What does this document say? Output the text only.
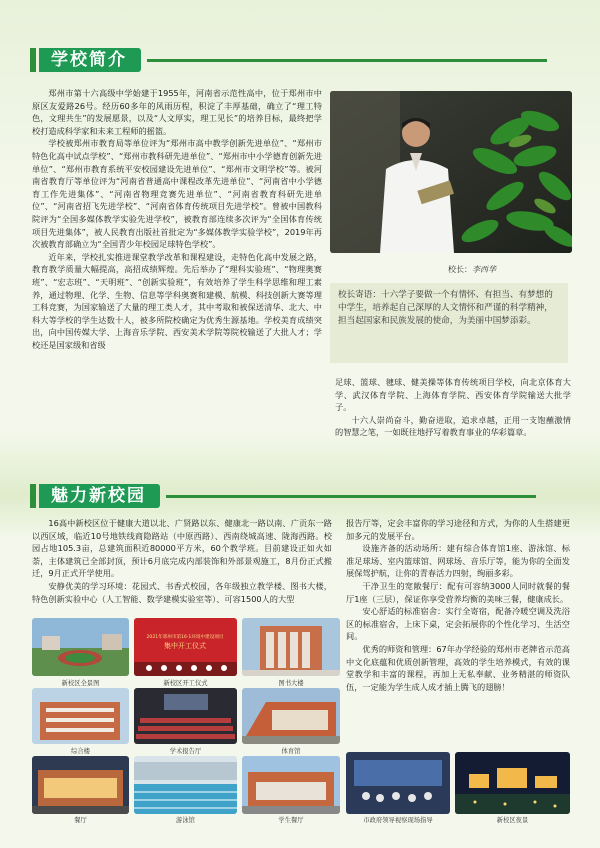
学校简介

郑州市第十六高级中学始建于1955年，河南省示范性高中，位于郑州市中原区友爱路26号。经历60多年的风雨历程，积淀了丰厚基础，确立了“理工特色，文理共生”的发展愿景，以及“人文厚实，理工见长”的培养目标，最终把学校打造成科学家和未来工程师的摇篮。

学校被郑州市教育局等单位评为“郑州市高中教学创新先进单位”、“郑州市特色化高中试点学校”、“郑州市教科研先进单位”、“郑州市中小学德育创新先进单位”、“郑州市教育系统平安校园建设先进单位”、“郑州市文明学校”等。被河南省教育厅等单位评为“河南省普通高中课程改革先进单位”、“河南省中小学德育工作先进集体”、“河南省物理竞赛先进单位”、“河南省教育科研先进单位”、“河南省招飞先进学校”、“河南省体育传统项目先进学校”。曾被中国教科院评为“全国多媒体教学实验先进学校”，被教育部连续多次评为“全国体育传统项目先进集体”，被人民教育出版社首批定为“多媒体教学实验学校”，2019年再次被教育部确立为“全国青少年校园足球特色学校”。

近年来，学校扎实推进课堂教学改革和课程建设，走特色化高中发展之路，教育教学质量大幅提高，高招成绩辉煌。先后举办了“理科实验班”、“物理奥赛班”、“宏志班”、“天明班”、“创新实验班”，有效培养了学生科学思维和理工素养，通过物理、化学、生物、信息等学科奥赛和建模、航模、科技创新大赛等理工科竞赛，为国家输送了大量的理工类人才，其中考取和被保送清华、北大、中科大等学校的学生达数十人，被多所院校确定为优秀生源基地。学校美育成绩突出，向中国传媒大学、上海音乐学院、西安美术学院等院校输送了大批人才；学校还是国家级和省级

校长：李西华
校长寄语：十六学子要做一个有情怀、有担当、有梦想的中学生，培养起自己深厚的人文情怀和严谨的科学精神，担当起国家和民族发展的使命，为美丽中国梦添彩。

足球、篮球、毽球、健美操等体育传统项目学校，向北京体育大学、武汉体育学院、上海体育学院、西安体育学院输送大批学子。

十六人崇尚奋斗，勤奋进取，追求卓越，正用一支饱蘸激情的智慧之笔，一如既往地抒写着教育事业的华彩篇章。

魅力新校园

16高中新校区位于健康大道以北、广贤路以东、健康北一路以南、广贡东一路以西区域，临近10号地铁线商隐路站（中原西路）、西南绕城高速、陇海西路。校园占地105.3亩，总建筑面积近80000平方米，60个教学班。目前建设正如火如荼，主体建筑已全部封顶，预计6月底完成内部装饰和外部景观施工，8月份正式搬迁，9月正式开学使用。

安静优美的学习环境：花园式、书香式校园，各年级独立教学楼、图书大楼，特色创新实验中心（人工智能、数学建模实验室等）、可容1500人的大型

报告厅等，定会丰富你的学习途径和方式，为你的人生搭建更加多元的发展平台。

设施齐备的活动场所：建有综合体育馆1座、游泳馆、标准足球场、室内篮球馆、网球场、音乐厅等，能为你的全面发展保驾护航，让你的青春活力四射，绚丽多彩。

干净卫生的宽敞餐厅：配有可容纳3000人同时就餐的餐厅1座（三层），保证你享受营养均衡的美味三餐，健康成长。

安心舒适的标准宿舍：实行全寄宿，配备冷暖空调及洗浴区的标准宿舍，上床下桌，定会拓展你的个性化学习、生活空间。

优秀的师资和管理：67年办学经验的郑州市老牌省示范高中文化底蕴和优质创新管理，高效的学生培养模式，有效的课堂教学和丰富的课程，再加上无私奉献、业务精湛的师资队伍，一定能为学生成人成才插上腾飞的翅膀！

新校区全景图
2021年郑州市第16·1环境中建设项目
集中开工仪式
新校区开工仪式	图书大楼
综合楼	学术报告厅	体育馆
餐厅	游泳馆	学生餐厅	市政府领导视察现场指导	新校区夜景
